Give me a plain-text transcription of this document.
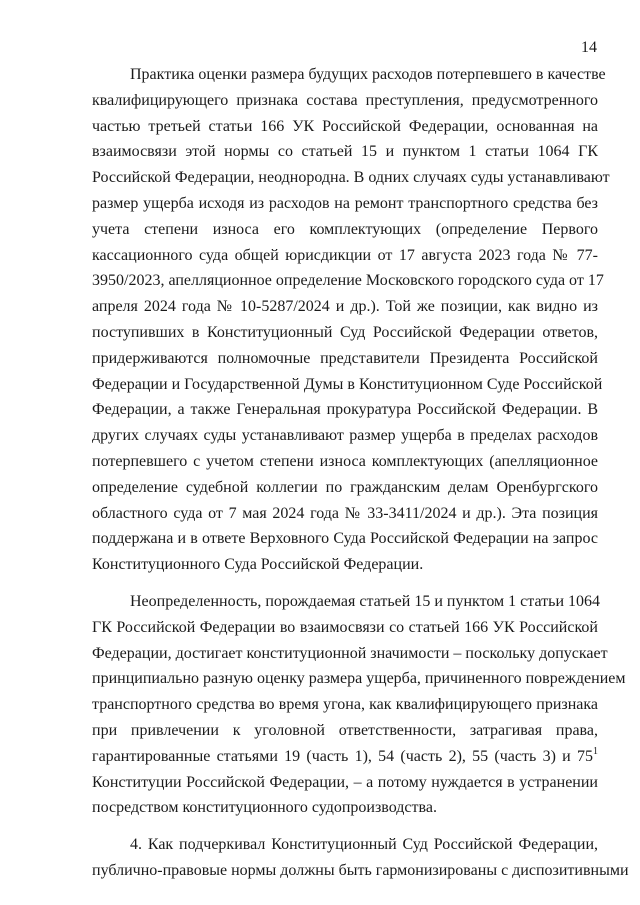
14
Практика оценки размера будущих расходов потерпевшего в качестве
квалифицирующего признака состава преступления, предусмотренного
частью третьей статьи 166 УК Российской Федерации, основанная на
взаимосвязи этой нормы со статьей 15 и пунктом 1 статьи 1064 ГК
Российской Федерации, неоднородна. В одних случаях суды устанавливают
размер ущерба исходя из расходов на ремонт транспортного средства без
учета степени износа его комплектующих (определение Первого
кассационного суда общей юрисдикции от 17 августа 2023 года № 77-
3950/2023, апелляционное определение Московского городского суда от 17
апреля 2024 года № 10-5287/2024 и др.). Той же позиции, как видно из
поступивших в Конституционный Суд Российской Федерации ответов,
придерживаются полномочные представители Президента Российской
Федерации и Государственной Думы в Конституционном Суде Российской
Федерации, а также Генеральная прокуратура Российской Федерации. В
других случаях суды устанавливают размер ущерба в пределах расходов
потерпевшего с учетом степени износа комплектующих (апелляционное
определение судебной коллегии по гражданским делам Оренбургского
областного суда от 7 мая 2024 года № 33-3411/2024 и др.). Эта позиция
поддержана и в ответе Верховного Суда Российской Федерации на запрос
Конституционного Суда Российской Федерации.
Неопределенность, порождаемая статьей 15 и пунктом 1 статьи 1064
ГК Российской Федерации во взаимосвязи со статьей 166 УК Российской
Федерации, достигает конституционной значимости – поскольку допускает
принципиально разную оценку размера ущерба, причиненного повреждением
транспортного средства во время угона, как квалифицирующего признака
при привлечении к уголовной ответственности, затрагивая права,
гарантированные статьями 19 (часть 1), 54 (часть 2), 55 (часть 3) и $75^1$
Конституции Российской Федерации, – а потому нуждается в устранении
посредством конституционного судопроизводства.
4. Как подчеркивал Конституционный Суд Российской Федерации,
публично-правовые нормы должны быть гармонизированы с диспозитивными
